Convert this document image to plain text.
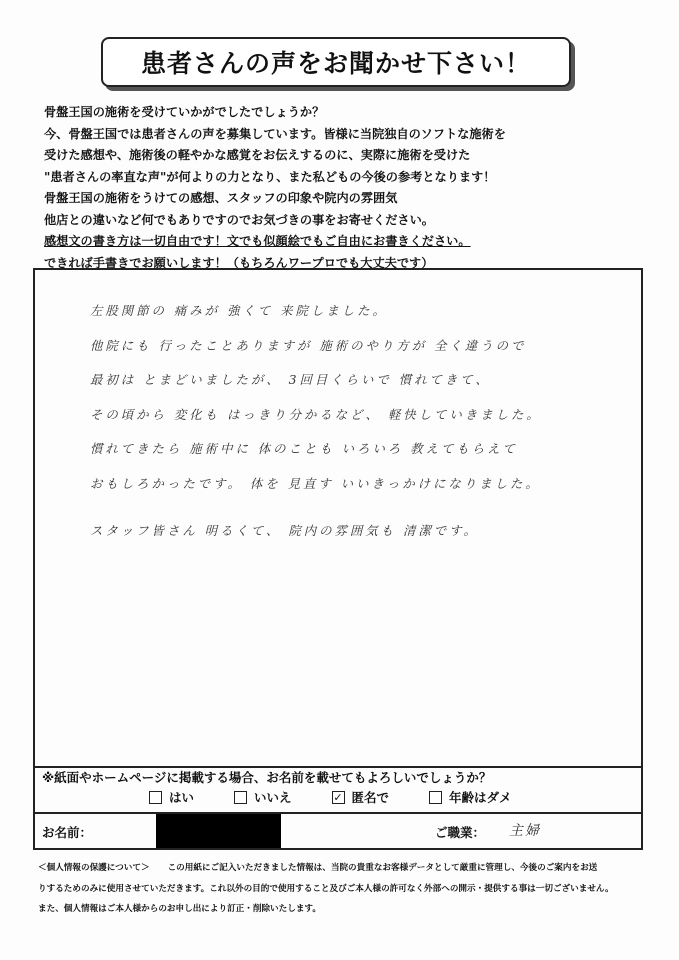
患者さんの声をお聞かせ下さい！
骨盤王国の施術を受けていかがでしたでしょうか？
今、骨盤王国では患者さんの声を募集しています。皆様に当院独自のソフトな施術を
受けた感想や、施術後の軽やかな感覚をお伝えするのに、実際に施術を受けた
"患者さんの率直な声"が何よりの力となり、また私どもの今後の参考となります！
骨盤王国の施術をうけての感想、スタッフの印象や院内の雰囲気
他店との違いなど何でもありですのでお気づきの事をお寄せください。
感想文の書き方は一切自由です！文でも似顔絵でもご自由にお書きください。
できれば手書きでお願いします！（もちろんワープロでも大丈夫です）
左股関節の 痛みが 強くて 来院しました。
他院にも 行ったことありますが 施術のやり方が 全く違うので
最初は とまどいましたが、 3回目くらいで 慣れてきて、
その頃から 変化も はっきり分かるなど、 軽快していきました。
慣れてきたら 施術中に 体のことも いろいろ 教えてもらえて
おもしろかったです。 体を 見直す いいきっかけになりました。
スタッフ皆さん 明るくて、 院内の雰囲気も 清潔です。
※紙面やホームページに掲載する場合、お名前を載せてもよろしいでしょうか？
はい	いいえ	✓ 匿名で	年齢はダメ
お名前：	ご職業： 主婦
＜個人情報の保護について＞ この用紙にご記入いただきました情報は、当院の貴重なお客様データとして厳重に管理し、今後のご案内をお送
りするためのみに使用させていただきます。これ以外の目的で使用すること及びご本人様の許可なく外部への開示・提供する事は一切ございません。
また、個人情報はご本人様からのお申し出により訂正・削除いたします。
